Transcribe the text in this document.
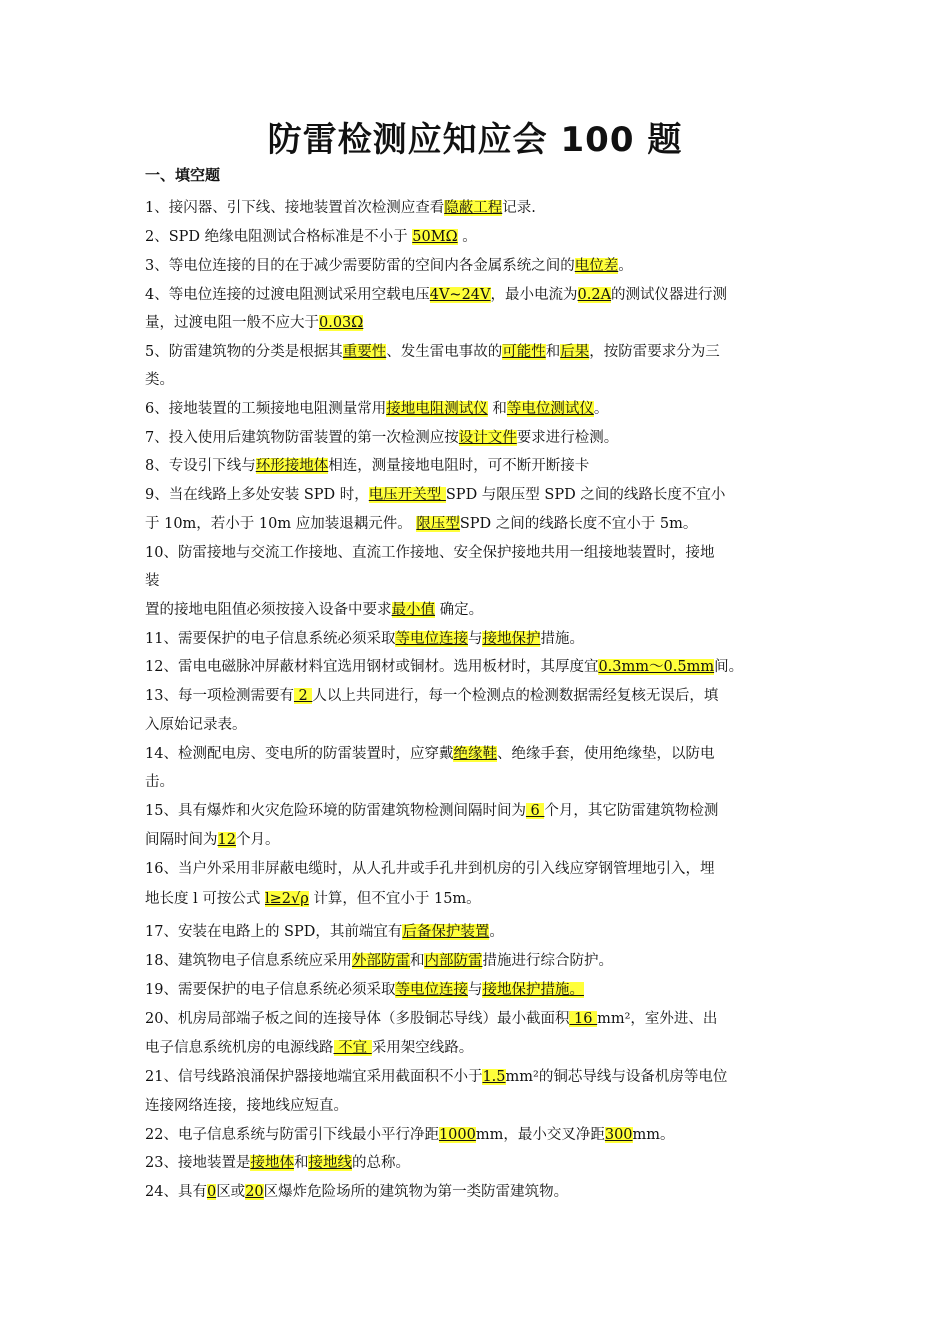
防雷检测应知应会 100 题
一、填空题
1、接闪器、引下线、接地装置首次检测应查看隐蔽工程记录.
2、SPD 绝缘电阻测试合格标准是不小于 50MΩ 。
3、等电位连接的目的在于减少需要防雷的空间内各金属系统之间的电位差。
4、等电位连接的过渡电阻测试采用空载电压4V~24V，最小电流为0.2A的测试仪器进行测
量，过渡电阻一般不应大于0.03Ω
5、防雷建筑物的分类是根据其重要性、发生雷电事故的可能性和后果，按防雷要求分为三
类。
6、接地装置的工频接地电阻测量常用接地电阻测试仪 和等电位测试仪。
7、投入使用后建筑物防雷装置的第一次检测应按设计文件要求进行检测。
8、专设引下线与环形接地体相连，测量接地电阻时，可不断开断接卡
9、当在线路上多处安装 SPD 时，电压开关型 SPD 与限压型 SPD 之间的线路长度不宜小
于 10m，若小于 10m 应加装退耦元件。 限压型SPD 之间的线路长度不宜小于 5m。
10、防雷接地与交流工作接地、直流工作接地、安全保护接地共用一组接地装置时，接地
装
置的接地电阻值必须按接入设备中要求最小值 确定。
11、需要保护的电子信息系统必须采取等电位连接与接地保护措施。
12、雷电电磁脉冲屏蔽材料宜选用钢材或铜材。选用板材时，其厚度宜0.3mm～0.5mm间。
13、每一项检测需要有 2 人以上共同进行，每一个检测点的检测数据需经复核无误后，填
入原始记录表。
14、检测配电房、变电所的防雷装置时，应穿戴绝缘鞋、绝缘手套，使用绝缘垫，以防电
击。
15、具有爆炸和火灾危险环境的防雷建筑物检测间隔时间为 6 个月，其它防雷建筑物检测
间隔时间为12个月。
16、当户外采用非屏蔽电缆时，从人孔井或手孔井到机房的引入线应穿钢管埋地引入，埋
地长度 l 可按公式 l≥2√ρ 计算，但不宜小于 15m。
17、安装在电路上的 SPD，其前端宜有后备保护装置。
18、建筑物电子信息系统应采用外部防雷和内部防雷措施进行综合防护。
19、需要保护的电子信息系统必须采取等电位连接与接地保护措施。
20、机房局部端子板之间的连接导体（多股铜芯导线）最小截面积 16 mm²，室外进、出
电子信息系统机房的电源线路 不宜 采用架空线路。
21、信号线路浪涌保护器接地端宜采用截面积不小于1.5mm²的铜芯导线与设备机房等电位
连接网络连接，接地线应短直。
22、电子信息系统与防雷引下线最小平行净距1000mm，最小交叉净距300mm。
23、接地装置是接地体和接地线的总称。
24、具有0区或20区爆炸危险场所的建筑物为第一类防雷建筑物。
